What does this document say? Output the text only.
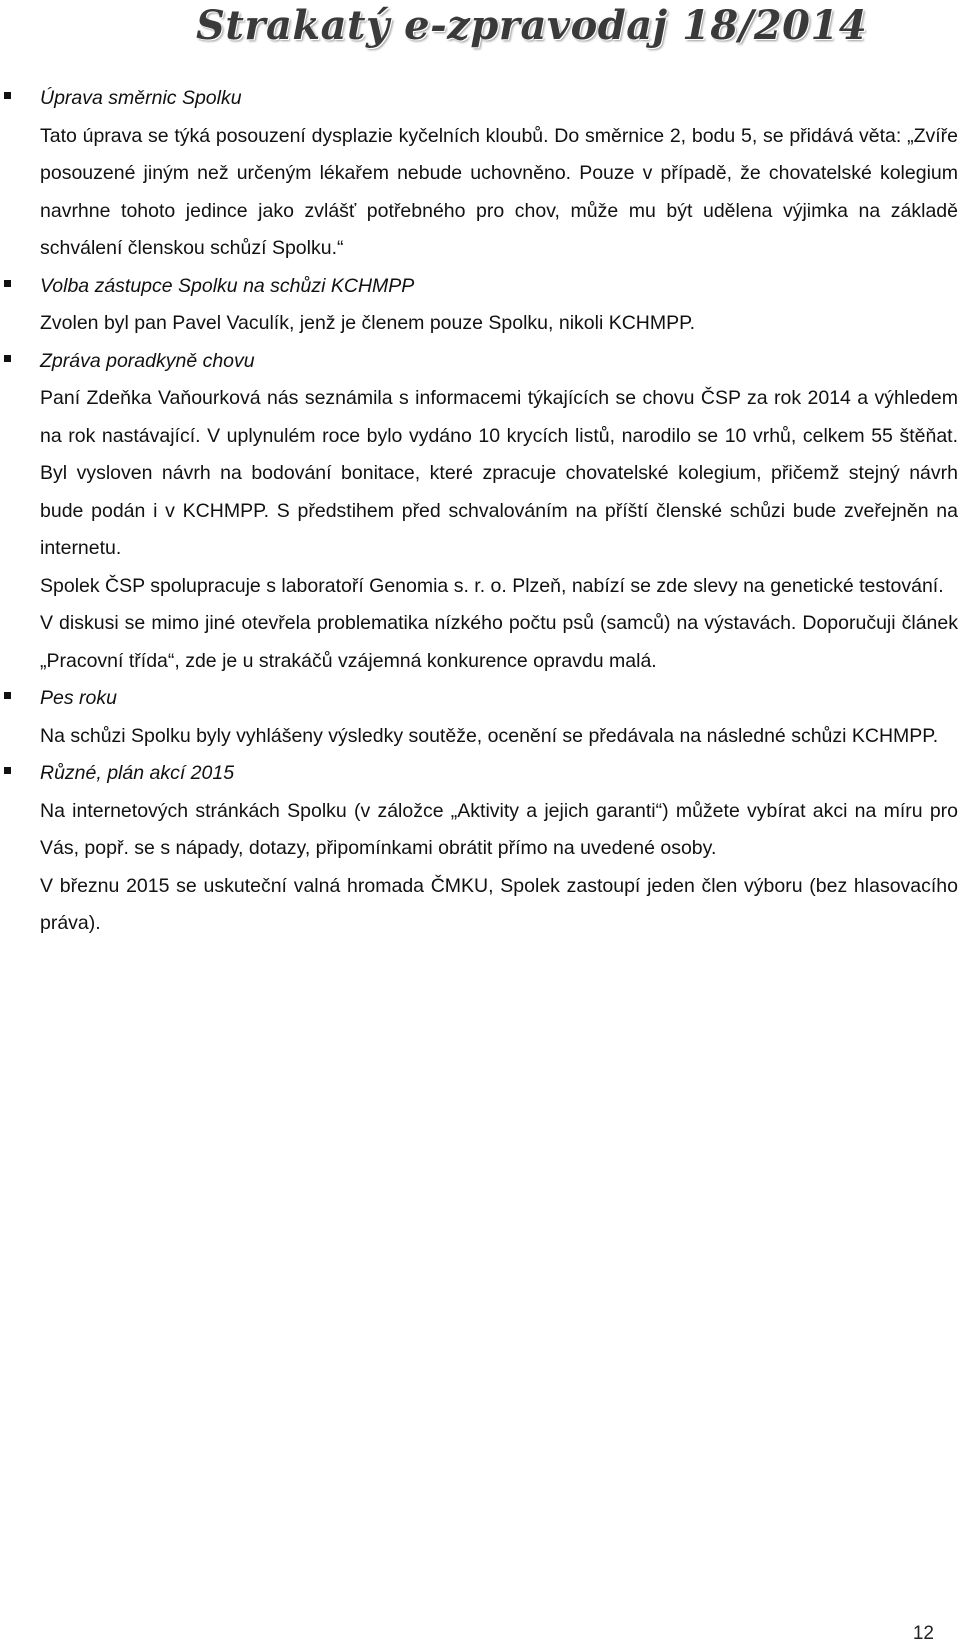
Strakatý e-zpravodaj 18/2014

Úprava směrnic Spolku

Tato úprava se týká posouzení dysplazie kyčelních kloubů. Do směrnice 2, bodu 5, se přidává věta: „Zvíře posouzené jiným než určeným lékařem nebude uchovněno. Pouze v případě, že chovatelské kolegium navrhne tohoto jedince jako zvlášť potřebného pro chov, může mu být udělena výjimka na základě schválení členskou schůzí Spolku.“

Volba zástupce Spolku na schůzi KCHMPP

Zvolen byl pan Pavel Vaculík, jenž je členem pouze Spolku, nikoli KCHMPP.

Zpráva poradkyně chovu

Paní Zdeňka Vaňourková nás seznámila s informacemi týkajících se chovu ČSP za rok 2014 a výhledem na rok nastávající. V uplynulém roce bylo vydáno 10 krycích listů, narodilo se 10 vrhů, celkem 55 štěňat. Byl vysloven návrh na bodování bonitace, které zpracuje chovatelské kolegium, přičemž stejný návrh bude podán i v KCHMPP. S předstihem před schvalováním na příští členské schůzi bude zveřejněn na internetu.

Spolek ČSP spolupracuje s laboratoří Genomia s. r. o. Plzeň, nabízí se zde slevy na genetické testování.

V diskusi se mimo jiné otevřela problematika nízkého počtu psů (samců) na výstavách. Doporučuji článek „Pracovní třída“, zde je u strakáčů vzájemná konkurence opravdu malá.

Pes roku

Na schůzi Spolku byly vyhlášeny výsledky soutěže, ocenění se předávala na následné schůzi KCHMPP.

Různé, plán akcí 2015

Na internetových stránkách Spolku (v záložce „Aktivity a jejich garanti“) můžete vybírat akci na míru pro Vás, popř. se s nápady, dotazy, připomínkami obrátit přímo na uvedené osoby.

V březnu 2015 se uskuteční valná hromada ČMKU, Spolek zastoupí jeden člen výboru (bez hlasovacího práva).

12
